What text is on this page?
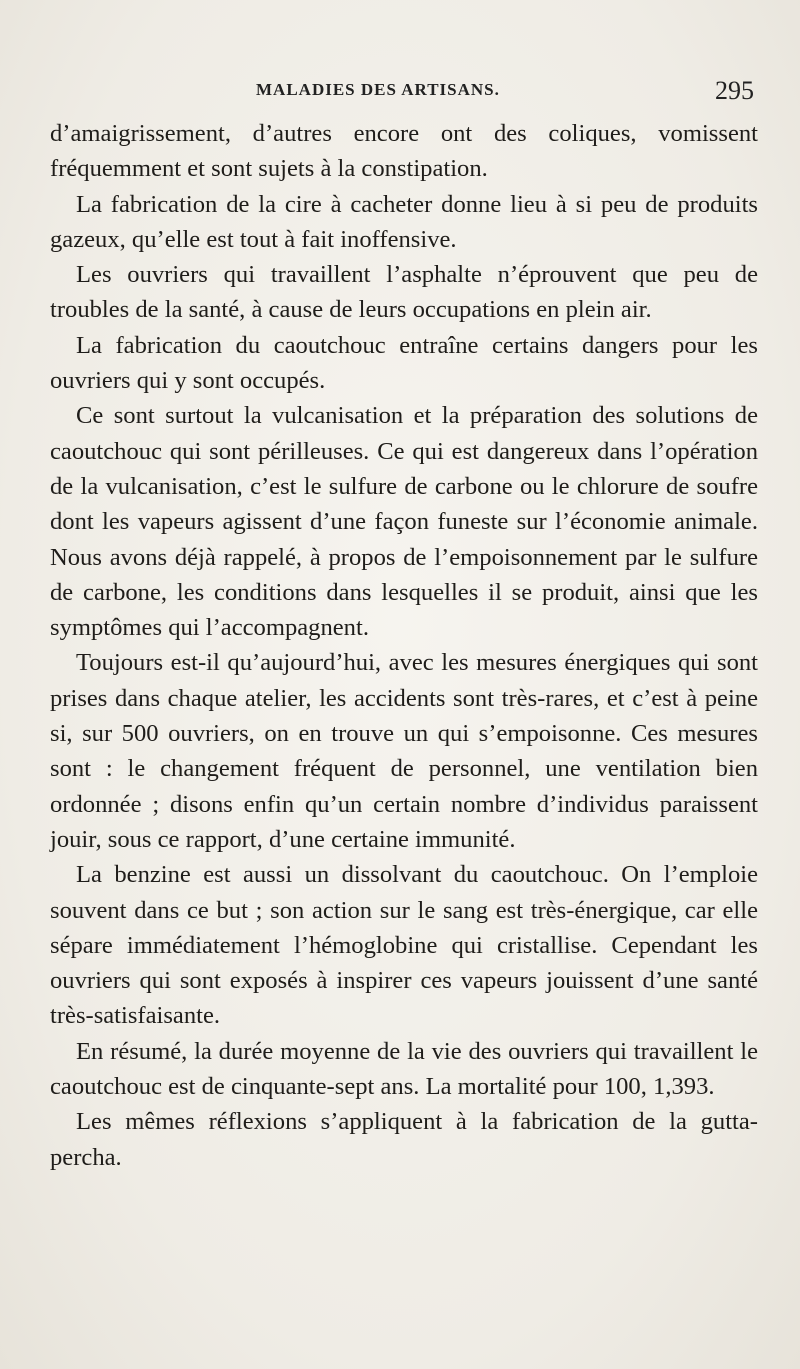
MALADIES DES ARTISANS.	295

d’amaigrissement, d’autres encore ont des coliques, vomissent fréquemment et sont sujets à la constipation.

La fabrication de la cire à cacheter donne lieu à si peu de produits gazeux, qu’elle est tout à fait inoffensive.

Les ouvriers qui travaillent l’asphalte n’éprouvent que peu de troubles de la santé, à cause de leurs occupations en plein air.

La fabrication du caoutchouc entraîne certains dangers pour les ouvriers qui y sont occupés.

Ce sont surtout la vulcanisation et la préparation des solutions de caoutchouc qui sont périlleuses. Ce qui est dangereux dans l’opération de la vulcanisation, c’est le sulfure de carbone ou le chlorure de soufre dont les vapeurs agissent d’une façon funeste sur l’économie animale. Nous avons déjà rappelé, à propos de l’empoisonnement par le sulfure de carbone, les conditions dans lesquelles il se produit, ainsi que les symptômes qui l’accompagnent.

Toujours est-il qu’aujourd’hui, avec les mesures énergiques qui sont prises dans chaque atelier, les accidents sont très-rares, et c’est à peine si, sur 500 ouvriers, on en trouve un qui s’empoisonne. Ces mesures sont : le changement fréquent de personnel, une ventilation bien ordonnée ; disons enfin qu’un certain nombre d’individus paraissent jouir, sous ce rapport, d’une certaine immunité.

La benzine est aussi un dissolvant du caoutchouc. On l’emploie souvent dans ce but ; son action sur le sang est très-énergique, car elle sépare immédiatement l’hémoglobine qui cristallise. Cependant les ouvriers qui sont exposés à inspirer ces vapeurs jouissent d’une santé très-satisfaisante.

En résumé, la durée moyenne de la vie des ouvriers qui travaillent le caoutchouc est de cinquante-sept ans. La mortalité pour 100, 1,393.

Les mêmes réflexions s’appliquent à la fabrication de la gutta-percha.
